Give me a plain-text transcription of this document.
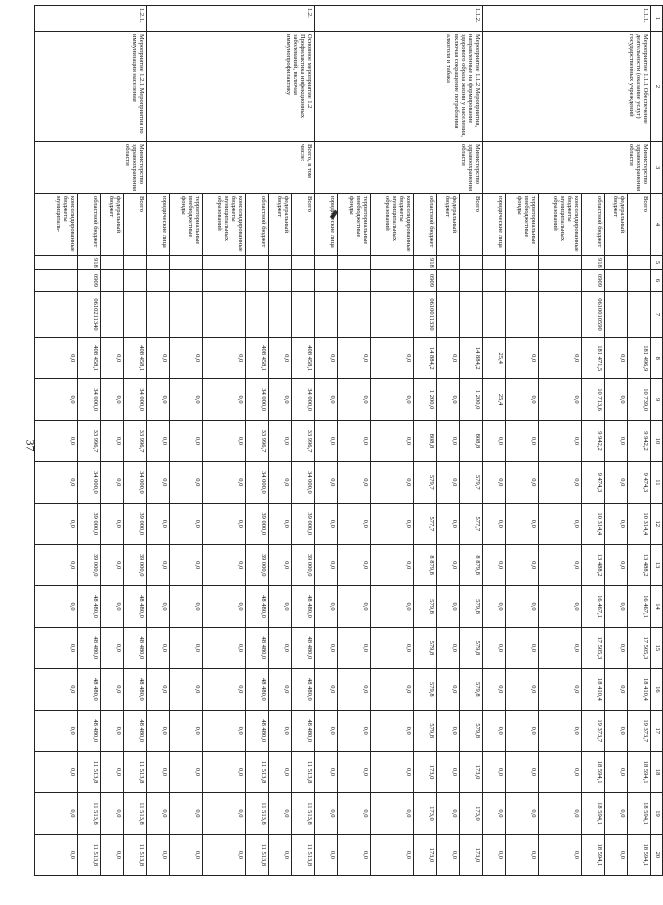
37
1	2	3	4	5	6	7	8	9	10	11	12	13	14	15	16	17	18	19	20
1.1.1.	Мероприятие 1.1.1 Обеспечение деятельности (оказание услуг) государственных учреждений	Министерство здравоохранения области	Всего				181 496,9	10 739,0	9 942,2	9 474,3	10 314,4	13 488,2	16 467,1	17 505,3	18 410,4	19 373,7	18 594,1	18 594,1	18 594,1
			федеральный бюджет				0,0	0,0	0,0	0,0	0,0	0,0	0,0	0,0	0,0	0,0	0,0	0,0	0,0
			областной бюджет	918	0909	0610010590	181 471,5	10 713,6	9 942,2	9 474,3	10 314,4	13 488,2	16 467,1	17 505,3	18 410,4	19 373,7	18 594,1	18 594,1	18 594,1
			консолидированные бюджеты муниципальных образований				0,0	0,0	0,0	0,0	0,0	0,0	0,0	0,0	0,0	0,0	0,0	0,0	0,0
			территориальные внебюджетные фонды				0,0	0,0	0,0	0,0	0,0	0,0	0,0	0,0	0,0	0,0	0,0	0,0	0,0
			юридические лица				25,4	25,4	0,0	0,0	0,0	0,0	0,0	0,0	0,0	0,0	0,0	0,0	0,0
1.1.2.	Мероприятие 1.1.2 Мероприятия, направленные на формирование здорового образа жизни у населения, включая сокращение потребления алкоголя и табака	Министерство здравоохранения области	Всего				14 884,2	1 200,0	808,8	579,7	577,7	8 879,8	579,8	579,8	579,8	579,8	173,0	173,0	173,0
			федеральный бюджет				0,0	0,0	0,0	0,0	0,0	0,0	0,0	0,0	0,0	0,0	0,0	0,0	0,0
			областной бюджет	918	0909	0610011330	14 884,2	1 200,0	808,8	579,7	577,7	8 879,8	579,8	579,8	579,8	579,8	173,0	173,0	173,0
			консолидированные бюджеты муниципальных образований				0,0	0,0	0,0	0,0	0,0	0,0	0,0	0,0	0,0	0,0	0,0	0,0	0,0
			территориальные внебюджетные фонды				0,0	0,0	0,0	0,0	0,0	0,0	0,0	0,0	0,0	0,0	0,0	0,0	0,0
			юридические лица				0,0	0,0	0,0	0,0	0,0	0,0	0,0	0,0	0,0	0,0	0,0	0,0	0,0
1.2.	Основное мероприятие 1.2 Профилактика инфекционных заболеваний, включая иммунопрофилактику	Всего, в том числе:	Всего				408 458,1	34 000,0	33 996,7	34 000,0	39 000,0	39 000,0	48 480,0	48 480,0	48 480,0	48 480,0	11 513,8	11 513,8	11 513,8
			федеральный бюджет				0,0	0,0	0,0	0,0	0,0	0,0	0,0	0,0	0,0	0,0	0,0	0,0	0,0
			областной бюджет				408 458,1	34 000,0	33 996,7	34 000,0	39 000,0	39 000,0	48 480,0	48 480,0	48 480,0	48 480,0	11 513,8	11 513,8	11 513,8
			консолидированные бюджеты муниципальных образований				0,0	0,0	0,0	0,0	0,0	0,0	0,0	0,0	0,0	0,0	0,0	0,0	0,0
			территориальные внебюджетные фонды				0,0	0,0	0,0	0,0	0,0	0,0	0,0	0,0	0,0	0,0	0,0	0,0	0,0
			юридические лица				0,0	0,0	0,0	0,0	0,0	0,0	0,0	0,0	0,0	0,0	0,0	0,0	0,0
1.2.1.	Мероприятие 1.2.1 Мероприятия по иммунизации населения	Министерство здравоохранения области	Всего				408 458,1	34 000,0	33 996,7	34 000,0	39 000,0	39 000,0	48 480,0	48 480,0	48 480,0	48 480,0	11 513,8	11 513,8	11 513,8
			федеральный бюджет				0,0	0,0	0,0	0,0	0,0	0,0	0,0	0,0	0,0	0,0	0,0	0,0	0,0
			областной бюджет	918	0909	0610211340	408 458,1	34 000,0	33 996,7	34 000,0	39 000,0	39 000,0	48 480,0	48 480,0	48 480,0	48 480,0	11 513,8	11 513,8	11 513,8
			консолидированные бюджеты муниципаль-				0,0	0,0	0,0	0,0	0,0	0,0	0,0	0,0	0,0	0,0	0,0	0,0	0,0
